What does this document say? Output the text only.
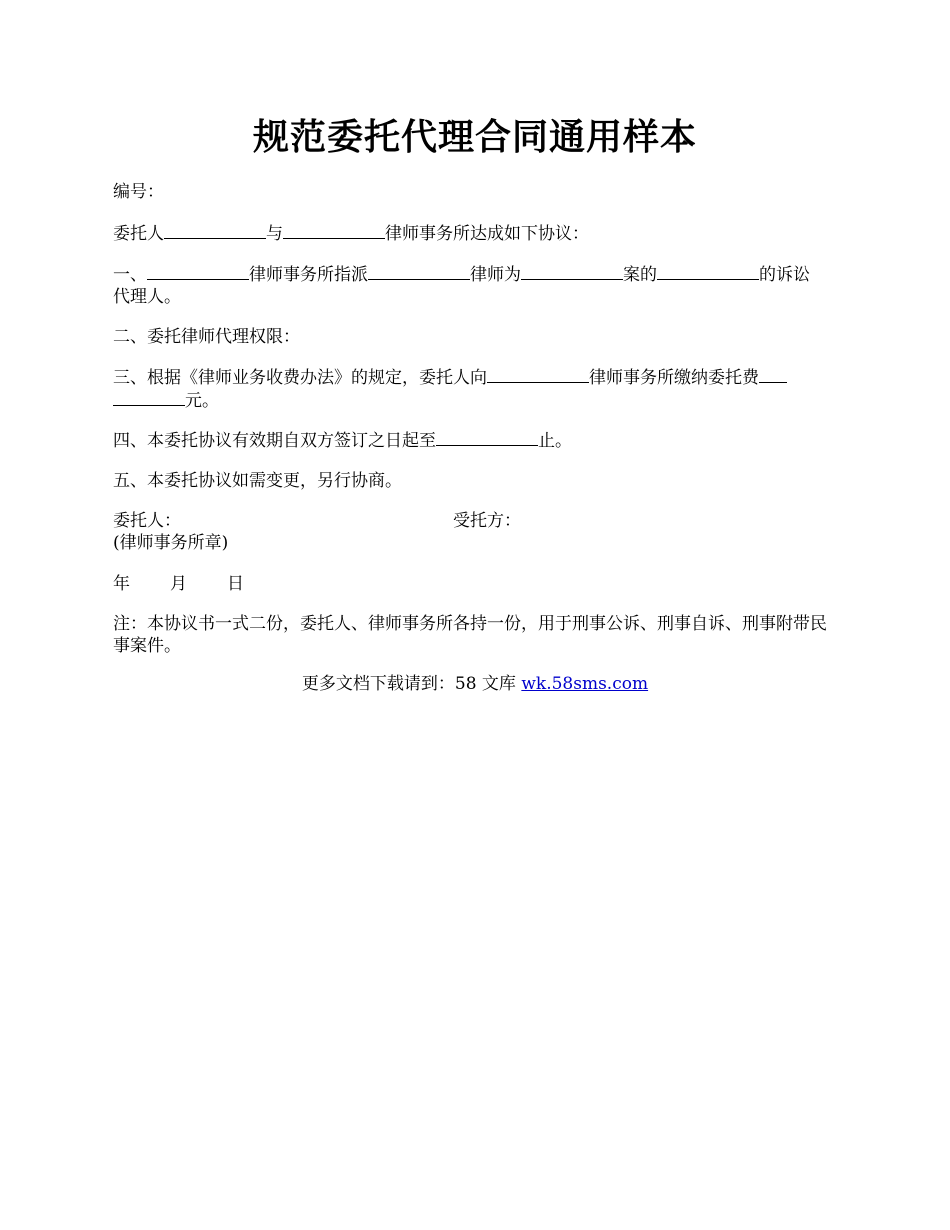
规范委托代理合同通用样本
编号：
委托人	与	律师事务所达成如下协议：
一、	律师事务所指派	律师为	案的	的诉讼
代理人。
二、委托律师代理权限：
三、根据《律师业务收费办法》的规定，委托人向	律师事务所缴纳委托费
元。
四、本委托协议有效期自双方签订之日起至	止。
五、本委托协议如需变更，另行协商。
委托人：	受托方：
(律师事务所章)
年 月 日
注：本协议书一式二份，委托人、律师事务所各持一份，用于刑事公诉、刑事自诉、刑事附带民事案件。
更多文档下载请到：58 文库 wk.58sms.com
